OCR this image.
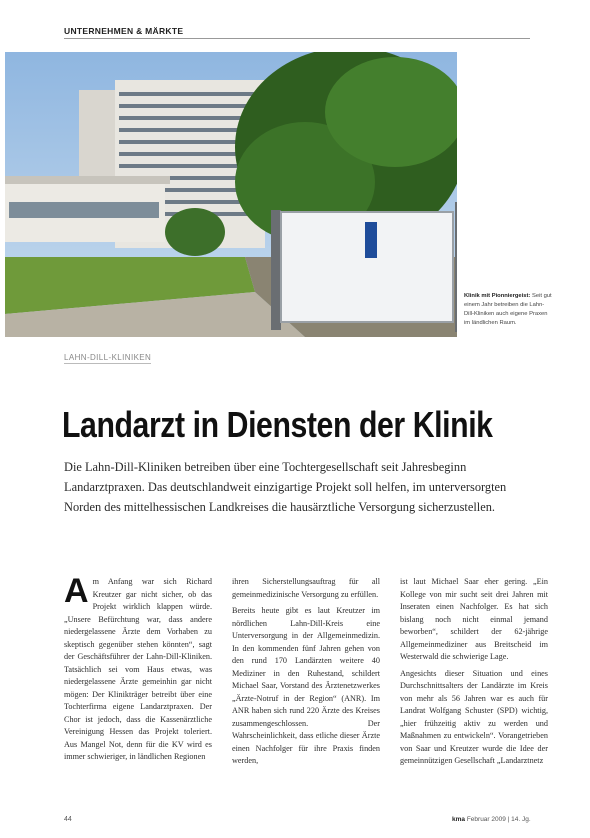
UNTERNEHMEN & MÄRKTE
Klinik mit Pionniergeist: Seit gut einem Jahr betreiben die Lahn-Dill-Kliniken auch eigene Praxen im ländlichen Raum.
LAHN-DILL-KLINIKEN
Landarzt in Diensten der Klinik
Die Lahn-Dill-Kliniken betreiben über eine Tochtergesellschaft seit Jahresbeginn Landarztpraxen. Das deutschlandweit einzigartige Projekt soll helfen, im unterversorgten Norden des mittelhessischen Landkreises die hausärztliche Versorgung sicherzustellen.

Am Anfang war sich Richard Kreutzer gar nicht sicher, ob das Projekt wirklich klappen würde. „Unsere Befürchtung war, dass andere niedergelassene Ärzte dem Vorhaben zu skeptisch gegenüber stehen könnten“, sagt der Geschäftsführer der Lahn-Dill-Kliniken. Tatsächlich sei vom Haus etwas, was niedergelassene Ärzte gemeinhin gar nicht mögen: Der Klinikträger betreibt über eine Tochterfirma eigene Landarztpraxen. Der Chor ist jedoch, dass die Kassenärztliche Vereinigung Hessen das Projekt toleriert. Aus Mangel Not, denn für die KV wird es immer schwieriger, in ländlichen Regionen

ihren Sicherstellungsauftrag für all gemeinmedizinische Versorgung zu erfüllen.

Bereits heute gibt es laut Kreutzer im nördlichen Lahn-Dill-Kreis eine Unterversorgung in der Allgemeinmedizin. In den kommenden fünf Jahren gehen von den rund 170 Landärzten weitere 40 Mediziner in den Ruhestand, schildert Michael Saar, Vorstand des Ärztenetzwerkes „Ärzte-Notruf in der Region“ (ANR). Im ANR haben sich rund 220 Ärzte des Kreises zusammengeschlossen. Der Wahrscheinlichkeit, dass etliche dieser Ärzte einen Nachfolger für ihre Praxis finden werden,

ist laut Michael Saar eher gering. „Ein Kollege von mir sucht seit drei Jahren mit Inseraten einen Nachfolger. Es hat sich bislang noch nicht einmal jemand beworben“, schildert der 62-jährige Allgemeinmediziner aus Breitscheid im Westerwald die schwierige Lage.

Angesichts dieser Situation und eines Durchschnittsalters der Landärzte im Kreis von mehr als 56 Jahren war es auch für Landrat Wolfgang Schuster (SPD) wichtig, „hier frühzeitig aktiv zu werden und Maßnahmen zu entwickeln“. Vorangetrieben von Saar und Kreutzer wurde die Idee der gemeinnützigen Gesellschaft „Landarztnetz

44	kma Februar 2009 | 14. Jg.
